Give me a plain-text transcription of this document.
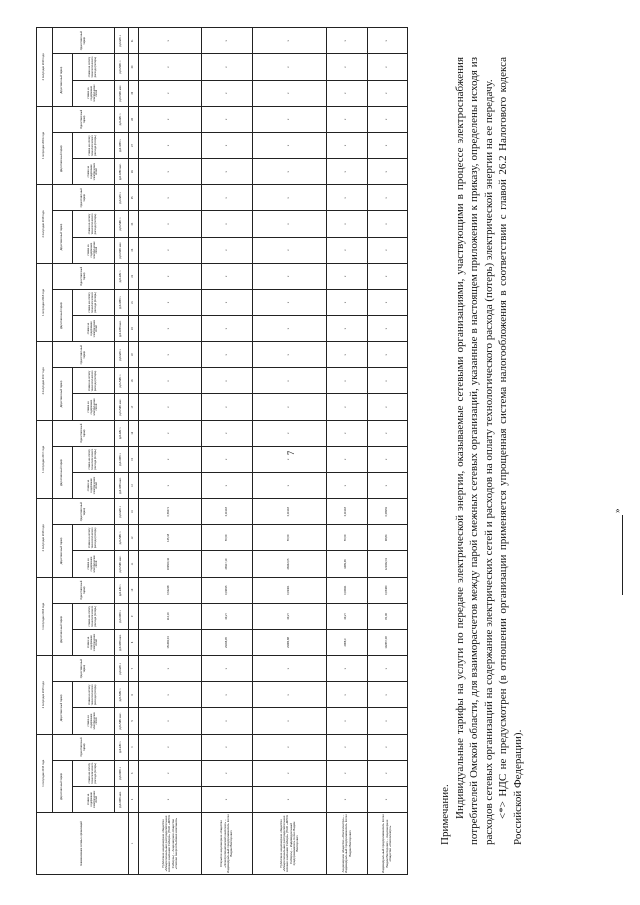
7
Наименование сетевых организаций	1 полугодие 2015 года			2 полугодие 2015 года			1 полугодие 2016 года			2 полугодие 2016 года			1 полугодие 2017 года			2 полугодие 2017 года			1 полугодие 2018 года			2 полугодие 2018 года			1 полугодие 2019 года			2 полугодие 2019 года		
	Двухставочный тариф		Одноставочный тариф	Двухставочный тариф		Одноставочный тариф	Двухставочный тариф		Одноставочный тариф	Двухставочный тариф		Одноставочный тариф	Двухставочный тариф		Одноставочный тариф	Двухставочный тариф		Одноставочный тариф	Двухставочный тариф		Одноставочный тариф	Двухставочный тариф		Одноставочный тариф	Двухставочный тариф		Одноставочный тариф	Двухставочный тариф		Одноставочный тариф
	ставка за содержание электрических сетей	ставка на оплату технологического расхода (потерь)		ставка за содержание электрических сетей	ставка на оплату технологического расхода (потерь)		ставка за содержание электрических сетей	ставка на оплату технологического расхода (потерь)		ставка за содержание электрических сетей	ставка на оплату технологического расхода (потерь)		ставка за содержание электрических сетей	ставка на оплату технологического расхода (потерь)		ставка за содержание электрических сетей	ставка на оплату технологического расхода (потерь)		ставка за содержание электрических сетей	ставка на оплату технологического расхода (потерь)		ставка за содержание электрических сетей	ставка на оплату технологического расхода (потерь)		ставка за содержание электрических сетей	ставка на оплату технологического расхода (потерь)		ставка за содержание электрических сетей	ставка на оплату технологического расхода (потерь)	
	руб./МВт·мес.	руб./МВт·ч	руб./кВт·ч	руб./МВт·мес.	руб./МВт·ч	руб./кВт·ч	руб./МВт·мес.	руб./МВт·ч	руб./кВт·ч	руб./МВт·мес.	руб./МВт·ч	руб./кВт·ч	руб./МВт·мес.	руб./МВт·ч	руб./кВт·ч	руб./МВт·мес.	руб./МВт·ч	руб./кВт·ч	руб./МВт·мес.	руб./МВт·ч	руб./кВт·ч	руб./МВт·мес.	руб./МВт·ч	руб./кВт·ч	руб./МВт·мес.	руб./МВт·ч	руб./кВт·ч	руб./МВт·мес.	руб./МВт·ч	руб./кВт·ч
1	2	3	4	5	6	7	8	9	10	11	12	13	14	15	16	17	18	19	20	21	22	23	24	25	26	27	28	29	30	31
Публичное акционерное общество «Межрегиональная распределительная сетевая компания Сибири» (ПАО «МРСК Сибири») – Акционерное общество «Омская энергосбытовая компания»	х	х	х	х	х	х	151482,04	114,19	0,52228	199500,42	145,18	0,56471	х	х	х	х	х	х	х	х	х	х	х	х	х	х	х	х	х	х
Открытое акционерное общество «Электротехнический комплекс» – Индивидуальный предприниматель Копко Вадим Викторович	х	х	х	х	х	х	23336,95	49,27	0,09815	28317,19	55,59	0,11318	х	х	х	х	х	х	х	х	х	х	х	х	х	х	х	х	х	х
Публичное акционерное общество «Межрегиональная распределительная сетевая компания Сибири» (ПАО «МРСК Сибири») – Индивидуальный предприниматель Копко Вадим Викторович	х	х	х	х	х	х	23984,88	49,27	0,09401	28242,05	55,59	0,11318	х	х	х	х	х	х	х	х	х	х	х	х	х	х	х	х	х	х
Акционерное общество «Омскэлектро» – Индивидуальный предприниматель Копко Вадим Викторович	х	х	х	х	х	х	2968,3	49,27	0,00821	3489,46	55,59	0,11318	х	х	х	х	х	х	х	х	х	х	х	х	х	х	х	х	х	х
Индивидуальный предприниматель Копко Вадим Викторович – Акционерное общество «Омскэлектро»	х	х	х	х	х	х	102657,08	81,06	0,05460	121062,01	98,84	0,06953	х	х	х	х	х	х	х	х	х	х	х	х	х	х	х	х	х	х

Примечание. Индивидуальные тарифы на услуги по передаче электрической энергии, оказываемые сетевыми организациями, участвующими в процессе электроснабжения потребителей Омской области, для взаиморасчетов между парой смежных сетевых организаций, указанные в настоящем приложении к приказу, определены исходя из расходов сетевых организаций на содержание электрических сетей и расходов на оплату технологического расхода (потерь) электрической энергии на ее передачу. <*> НДС не предусмотрен (в отношении организации применяется упрощенная система налогообложения в соответствии с главой 26.2 Налогового кодекса Российской Федерации).

»
